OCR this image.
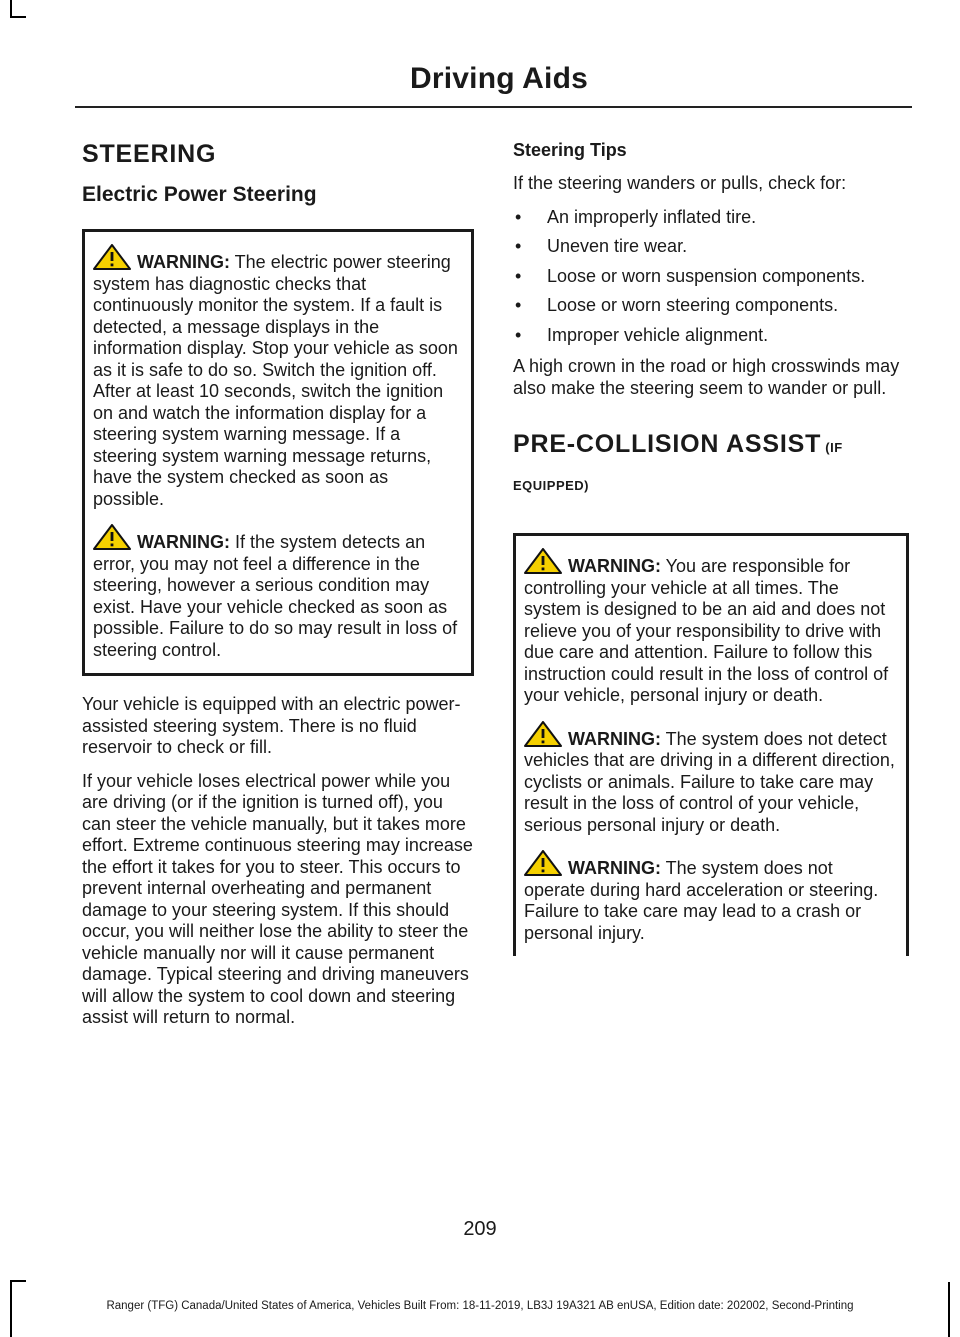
Driving Aids
STEERING
Electric Power Steering

WARNING: The electric power steering system has diagnostic checks that continuously monitor the system. If a fault is detected, a message displays in the information display. Stop your vehicle as soon as it is safe to do so. Switch the ignition off. After at least 10 seconds, switch the ignition on and watch the information display for a steering system warning message. If a steering system warning message returns, have the system checked as soon as possible.

WARNING: If the system detects an error, you may not feel a difference in the steering, however a serious condition may exist. Have your vehicle checked as soon as possible. Failure to do so may result in loss of steering control.

Your vehicle is equipped with an electric power-assisted steering system. There is no fluid reservoir to check or fill.

If your vehicle loses electrical power while you are driving (or if the ignition is turned off), you can steer the vehicle manually, but it takes more effort. Extreme continuous steering may increase the effort it takes for you to steer. This occurs to prevent internal overheating and permanent damage to your steering system. If this should occur, you will neither lose the ability to steer the vehicle manually nor will it cause permanent damage. Typical steering and driving maneuvers will allow the system to cool down and steering assist will return to normal.

Steering Tips

If the steering wanders or pulls, check for:

• An improperly inflated tire.
• Uneven tire wear.
• Loose or worn suspension components.
• Loose or worn steering components.
• Improper vehicle alignment.

A high crown in the road or high crosswinds may also make the steering seem to wander or pull.

PRE-COLLISION ASSIST (IF EQUIPPED)

WARNING: You are responsible for controlling your vehicle at all times. The system is designed to be an aid and does not relieve you of your responsibility to drive with due care and attention. Failure to follow this instruction could result in the loss of control of your vehicle, personal injury or death.

WARNING: The system does not detect vehicles that are driving in a different direction, cyclists or animals. Failure to take care may result in the loss of control of your vehicle, serious personal injury or death.

WARNING: The system does not operate during hard acceleration or steering. Failure to take care may lead to a crash or personal injury.

209
Ranger (TFG) Canada/United States of America, Vehicles Built From: 18-11-2019, LB3J 19A321 AB enUSA, Edition date: 202002, Second-Printing
